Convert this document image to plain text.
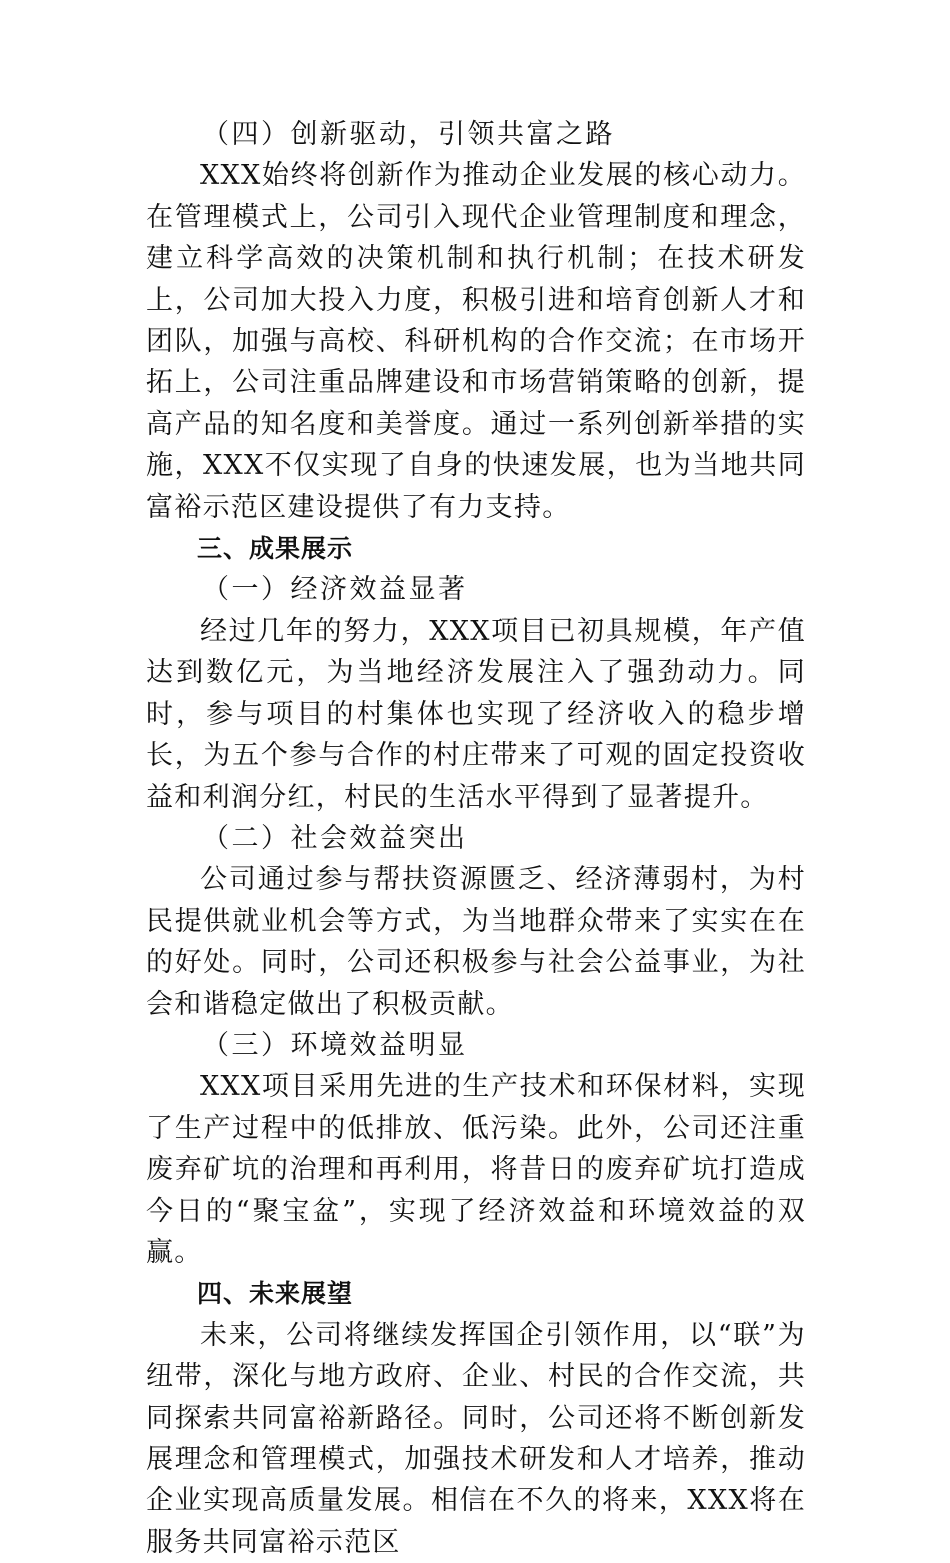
（四）创新驱动，引领共富之路

XXX始终将创新作为推动企业发展的核心动力。在管理模式上，公司引入现代企业管理制度和理念，建立科学高效的决策机制和执行机制；在技术研发上，公司加大投入力度，积极引进和培育创新人才和团队，加强与高校、科研机构的合作交流；在市场开拓上，公司注重品牌建设和市场营销策略的创新，提高产品的知名度和美誉度。通过一系列创新举措的实施，XXX不仅实现了自身的快速发展，也为当地共同富裕示范区建设提供了有力支持。

三、成果展示

（一）经济效益显著

经过几年的努力，XXX项目已初具规模，年产值达到数亿元，为当地经济发展注入了强劲动力。同时，参与项目的村集体也实现了经济收入的稳步增长，为五个参与合作的村庄带来了可观的固定投资收益和利润分红，村民的生活水平得到了显著提升。

（二）社会效益突出

公司通过参与帮扶资源匮乏、经济薄弱村，为村民提供就业机会等方式，为当地群众带来了实实在在的好处。同时，公司还积极参与社会公益事业，为社会和谐稳定做出了积极贡献。

（三）环境效益明显

XXX项目采用先进的生产技术和环保材料，实现了生产过程中的低排放、低污染。此外，公司还注重废弃矿坑的治理和再利用，将昔日的废弃矿坑打造成今日的“聚宝盆”，实现了经济效益和环境效益的双赢。

四、未来展望

未来，公司将继续发挥国企引领作用，以“联”为纽带，深化与地方政府、企业、村民的合作交流，共同探索共同富裕新路径。同时，公司还将不断创新发展理念和管理模式，加强技术研发和人才培养，推动企业实现高质量发展。相信在不久的将来，XXX将在服务共同富裕示范区
